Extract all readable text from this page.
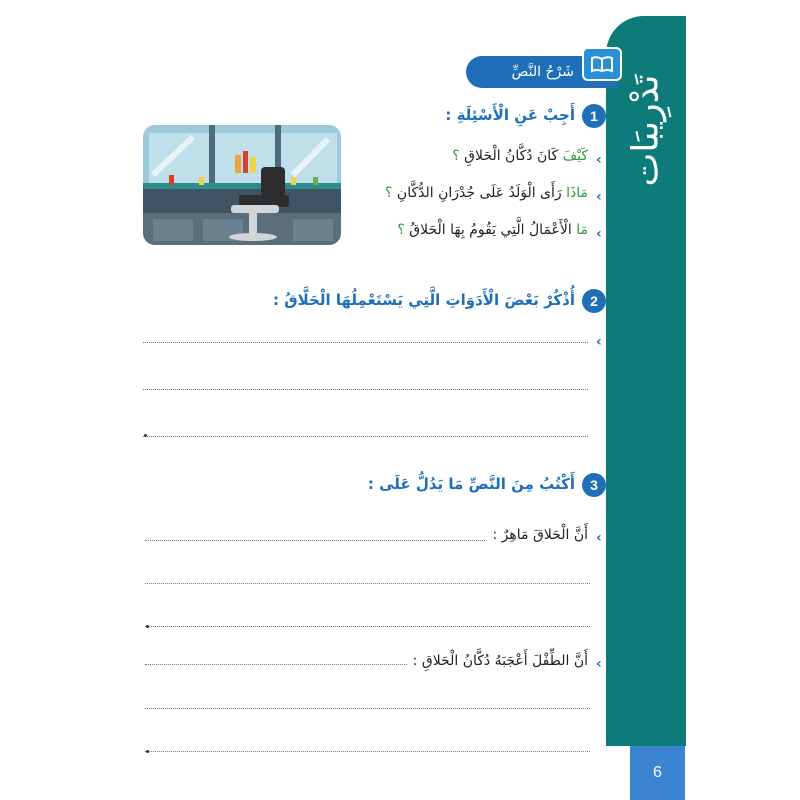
تَدْرِيبَات
6
شَرْحُ النَّصِّ
1
أَجِبْ عَنِ الْأَسْئِلَةِ :
‹
كَيْفَ كَانَ دُكَّانُ الْحَلاقِ ؟
‹
مَاذَا رَأَى الْوَلَدُ عَلَى جُدْرَانِ الدُّكَّانِ ؟
‹
مَا الْأَعْمَالُ الَّتِي يَقُومُ بِهَا الْحَلاقُ ؟
2
أُذْكُرْ بَعْضَ الْأَدَوَاتِ الَّتِي يَسْتَعْمِلُهَا الْحَلَّاقُ :
‹
3
أَكْتُبُ مِنَ النَّصِّ مَا يَدُلُّ عَلَى :
‹
أَنَّ الْحَلاقَ مَاهِرٌ :
‹
أَنَّ الطِّفْلَ أَعْجَبَهُ دُكَّانُ الْحَلاقِ :
